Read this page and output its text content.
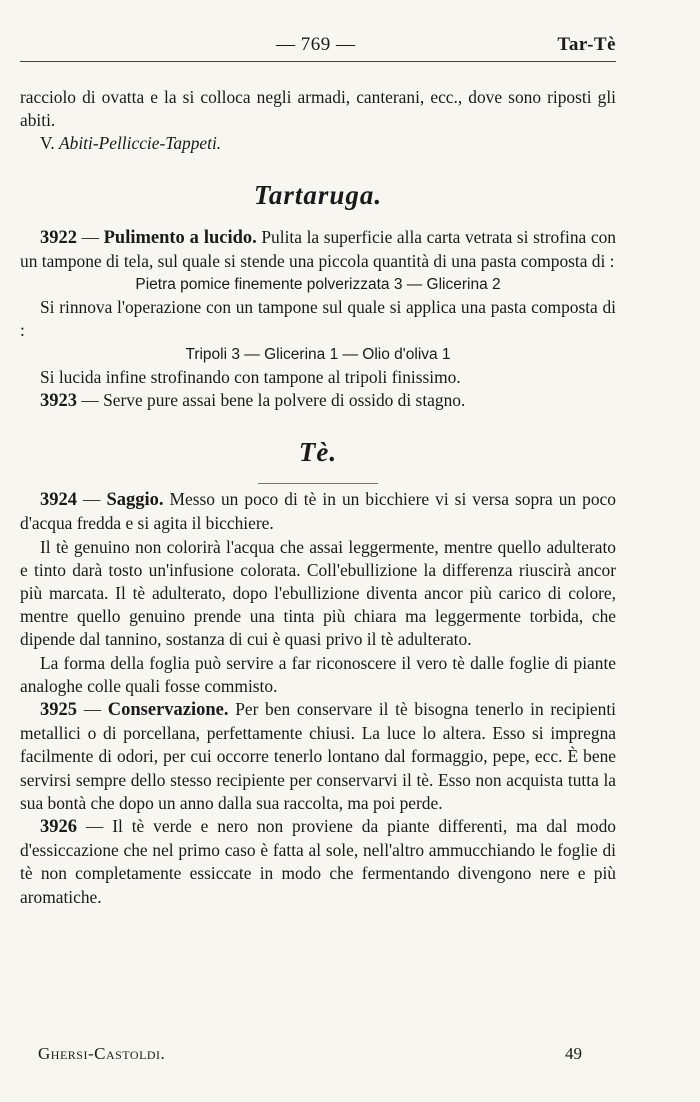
— 769 —	Tar-Tè

racciolo di ovatta e la si colloca negli armadi, canterani, ecc., dove sono riposti gli abiti.

V. Abiti-Pelliccie-Tappeti.

Tartaruga.

3922 — Pulimento a lucido. Pulita la superficie alla carta vetrata si strofina con un tampone di tela, sul quale si stende una piccola quantità di una pasta composta di :

Pietra pomice finemente polverizzata 3 — Glicerina 2

Si rinnova l'operazione con un tampone sul quale si applica una pasta composta di :

Tripoli 3 — Glicerina 1 — Olio d'oliva 1

Si lucida infine strofinando con tampone al tripoli finissimo.

3923 — Serve pure assai bene la polvere di ossido di stagno.

Tè.

3924 — Saggio. Messo un poco di tè in un bicchiere vi si versa sopra un poco d'acqua fredda e si agita il bicchiere.

Il tè genuino non colorirà l'acqua che assai leggermente, mentre quello adulterato e tinto darà tosto un'infusione colorata. Coll'ebullizione la differenza riuscirà ancor più marcata. Il tè adulterato, dopo l'ebullizione diventa ancor più carico di colore, mentre quello genuino prende una tinta più chiara ma leggermente torbida, che dipende dal tannino, sostanza di cui è quasi privo il tè adulterato.

La forma della foglia può servire a far riconoscere il vero tè dalle foglie di piante analoghe colle quali fosse commisto.

3925 — Conservazione. Per ben conservare il tè bisogna tenerlo in recipienti metallici o di porcellana, perfettamente chiusi. La luce lo altera. Esso si impregna facilmente di odori, per cui occorre tenerlo lontano dal formaggio, pepe, ecc. È bene servirsi sempre dello stesso recipiente per conservarvi il tè. Esso non acquista tutta la sua bontà che dopo un anno dalla sua raccolta, ma poi perde.

3926 — Il tè verde e nero non proviene da piante differenti, ma dal modo d'essiccazione che nel primo caso è fatta al sole, nell'altro ammucchiando le foglie di tè non completamente essiccate in modo che fermentando divengono nere e più aromatiche.

Ghersi-Castoldi.	49
